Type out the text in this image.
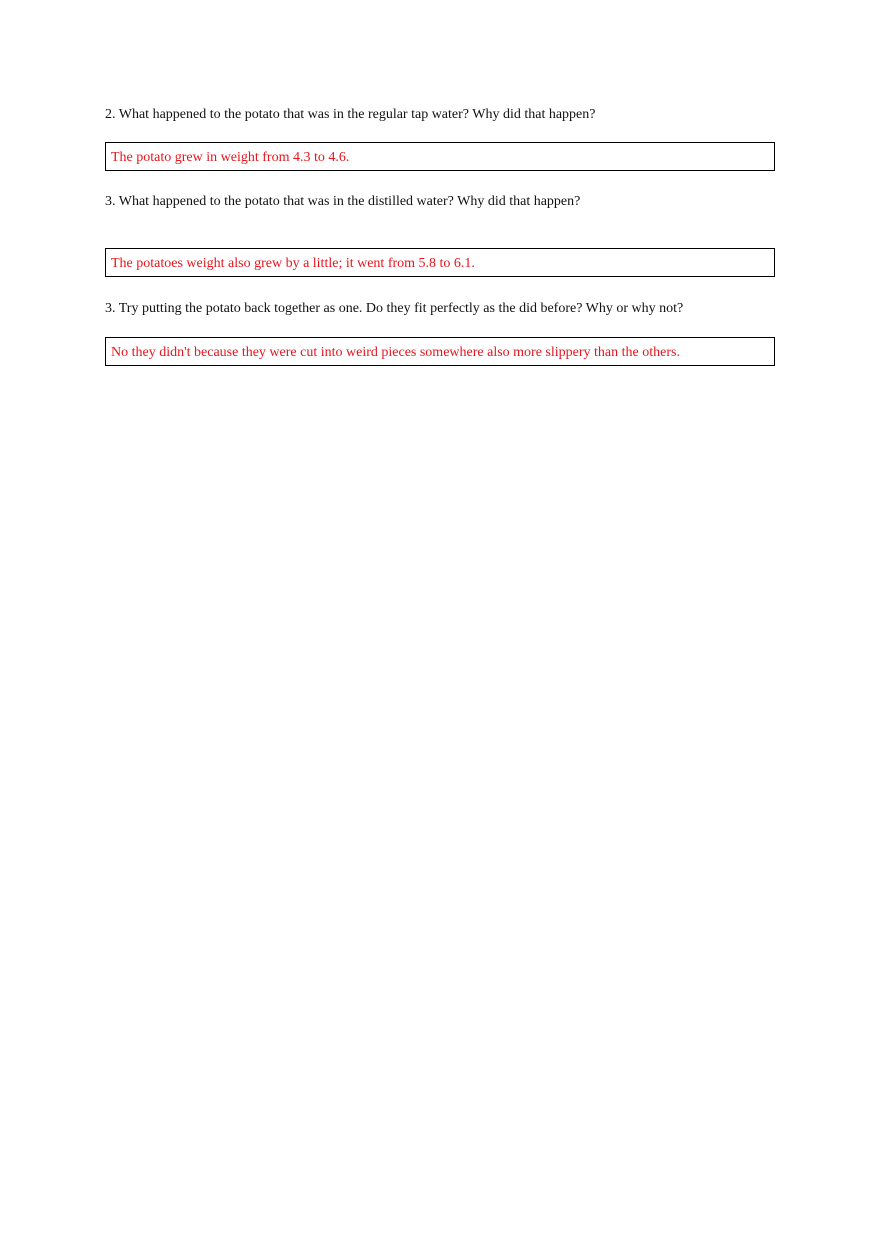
2. What happened to the potato that was in the regular tap water? Why did that happen?
The potato grew in weight from 4.3 to 4.6.
3. What happened to the potato that was in the distilled water? Why did that happen?
The potatoes weight also grew by a little; it went from 5.8 to 6.1.
3. Try putting the potato back together as one. Do they fit perfectly as the did before? Why or why not?
No they didn't because they were cut into weird pieces somewhere also more slippery than the others.
